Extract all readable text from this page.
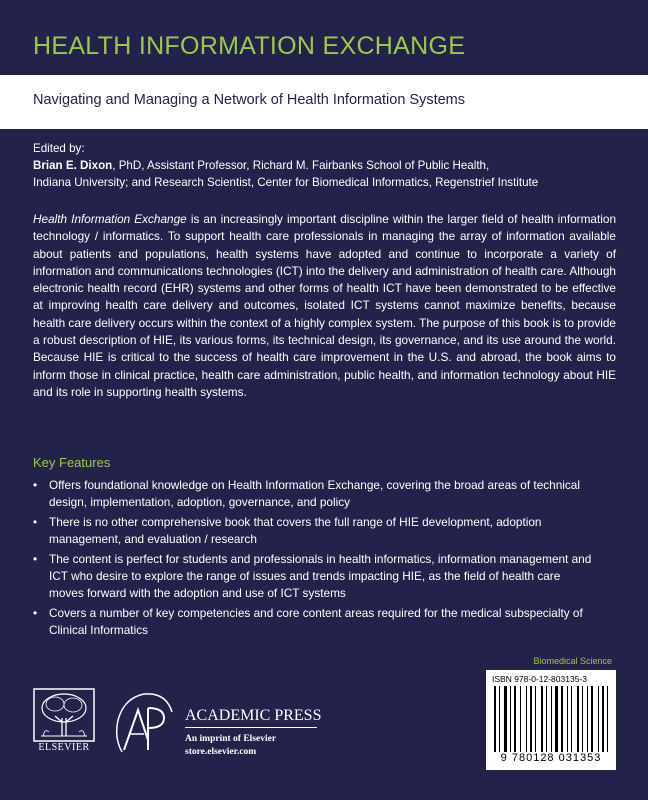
HEALTH INFORMATION EXCHANGE
Navigating and Managing a Network of Health Information Systems
Edited by:
Brian E. Dixon, PhD, Assistant Professor, Richard M. Fairbanks School of Public Health,
Indiana University; and Research Scientist, Center for Biomedical Informatics, Regenstrief Institute
Health Information Exchange is an increasingly important discipline within the larger field of health information technology / informatics. To support health care professionals in managing the array of information available about patients and populations, health systems have adopted and continue to incorporate a variety of information and communications technologies (ICT) into the delivery and administration of health care. Although electronic health record (EHR) systems and other forms of health ICT have been demonstrated to be effective at improving health care delivery and outcomes, isolated ICT systems cannot maximize benefits, because health care delivery occurs within the context of a highly complex system. The purpose of this book is to provide a robust description of HIE, its various forms, its technical design, its governance, and its use around the world. Because HIE is critical to the success of health care improvement in the U.S. and abroad, the book aims to inform those in clinical practice, health care administration, public health, and information technology about HIE and its role in supporting health systems.
Key Features
• Offers foundational knowledge on Health Information Exchange, covering the broad areas of technical design, implementation, adoption, governance, and policy
• There is no other comprehensive book that covers the full range of HIE development, adoption management, and evaluation / research
• The content is perfect for students and professionals in health informatics, information management and ICT who desire to explore the range of issues and trends impacting HIE, as the field of health care moves forward with the adoption and use of ICT systems
• Covers a number of key competencies and core content areas required for the medical subspecialty of Clinical Informatics
Biomedical Science
ELSEVIER
ACADEMIC PRESS
An imprint of Elsevier
store.elsevier.com
ISBN 978-0-12-803135-3
9 780128 031353
